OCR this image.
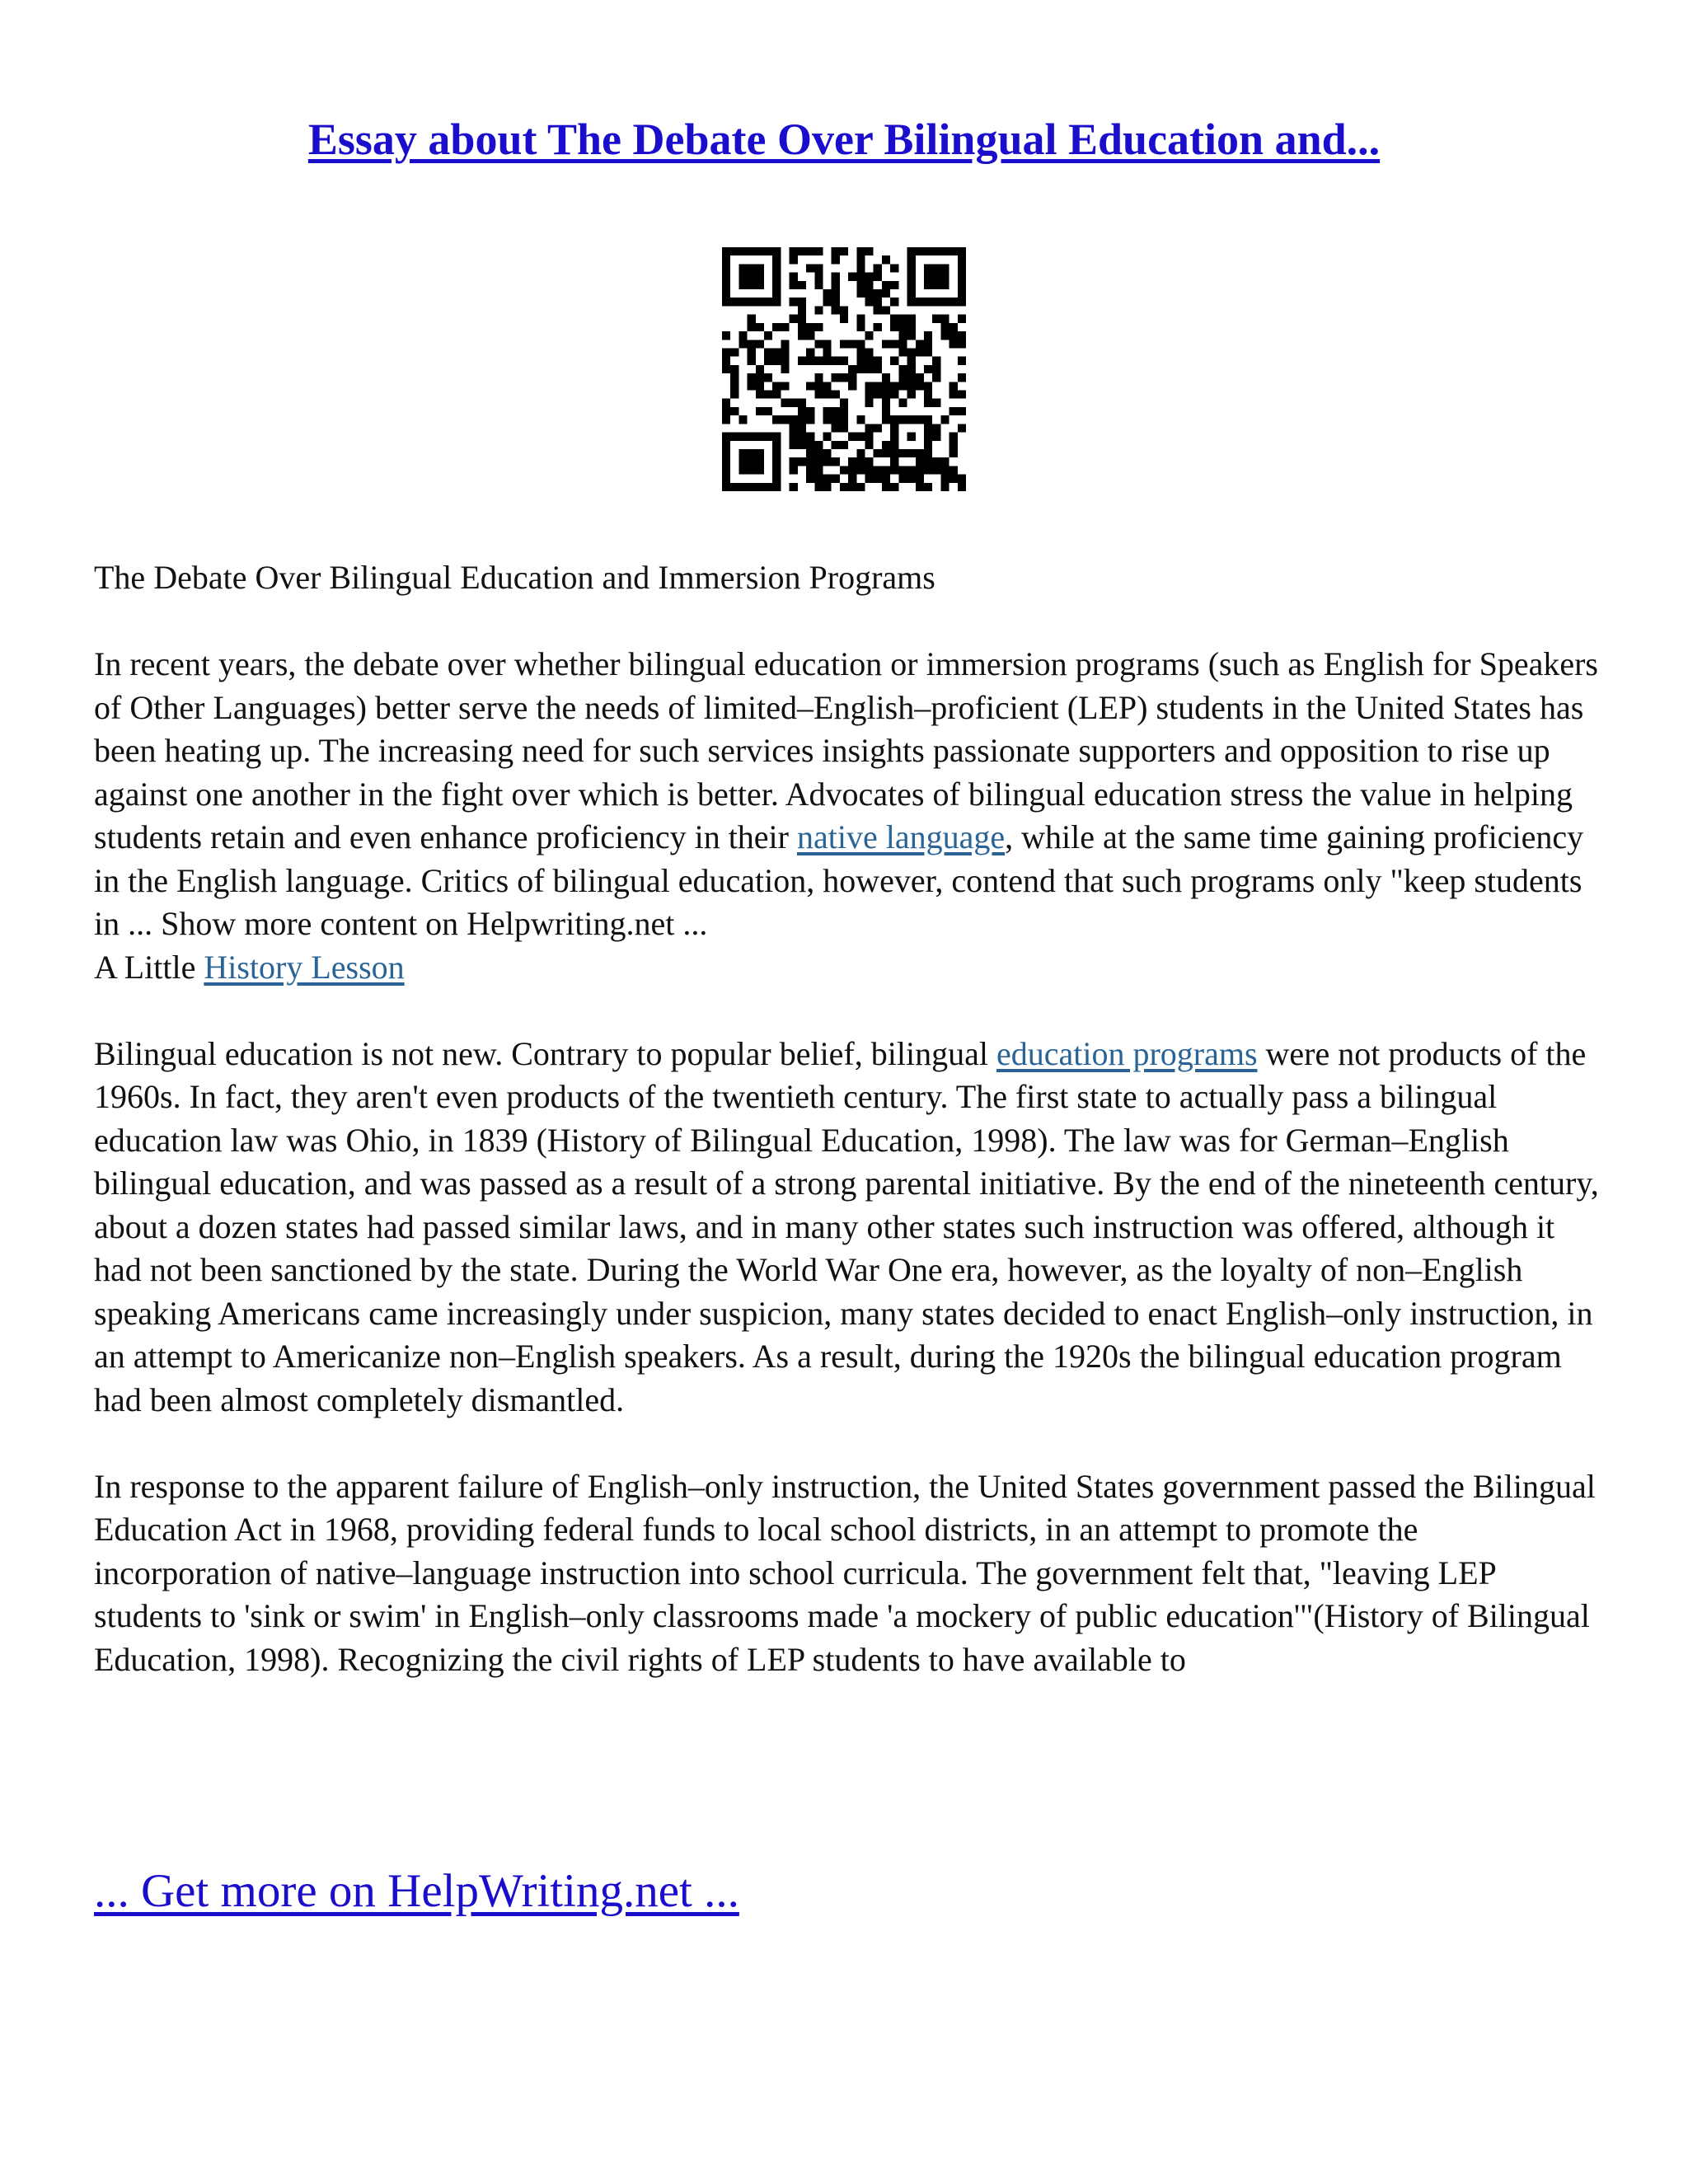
Essay about The Debate Over Bilingual Education and...

The Debate Over Bilingual Education and Immersion Programs

In recent years, the debate over whether bilingual education or immersion programs (such as English for Speakers of Other Languages) better serve the needs of limited–English–proficient (LEP) students in the United States has been heating up. The increasing need for such services insights passionate supporters and opposition to rise up against one another in the fight over which is better. Advocates of bilingual education stress the value in helping students retain and even enhance proficiency in their native language, while at the same time gaining proficiency in the English language. Critics of bilingual education, however, contend that such programs only "keep students in ... Show more content on Helpwriting.net ...

A Little History Lesson

Bilingual education is not new. Contrary to popular belief, bilingual education programs were not products of the 1960s. In fact, they aren't even products of the twentieth century. The first state to actually pass a bilingual education law was Ohio, in 1839 (History of Bilingual Education, 1998). The law was for German–English bilingual education, and was passed as a result of a strong parental initiative. By the end of the nineteenth century, about a dozen states had passed similar laws, and in many other states such instruction was offered, although it had not been sanctioned by the state. During the World War One era, however, as the loyalty of non–English speaking Americans came increasingly under suspicion, many states decided to enact English–only instruction, in an attempt to Americanize non–English speakers. As a result, during the 1920s the bilingual education program had been almost completely dismantled.

In response to the apparent failure of English–only instruction, the United States government passed the Bilingual Education Act in 1968, providing federal funds to local school districts, in an attempt to promote the incorporation of native–language instruction into school curricula. The government felt that, "leaving LEP students to 'sink or swim' in English–only classrooms made 'a mockery of public education'"(History of Bilingual Education, 1998). Recognizing the civil rights of LEP students to have available to

... Get more on HelpWriting.net ...
